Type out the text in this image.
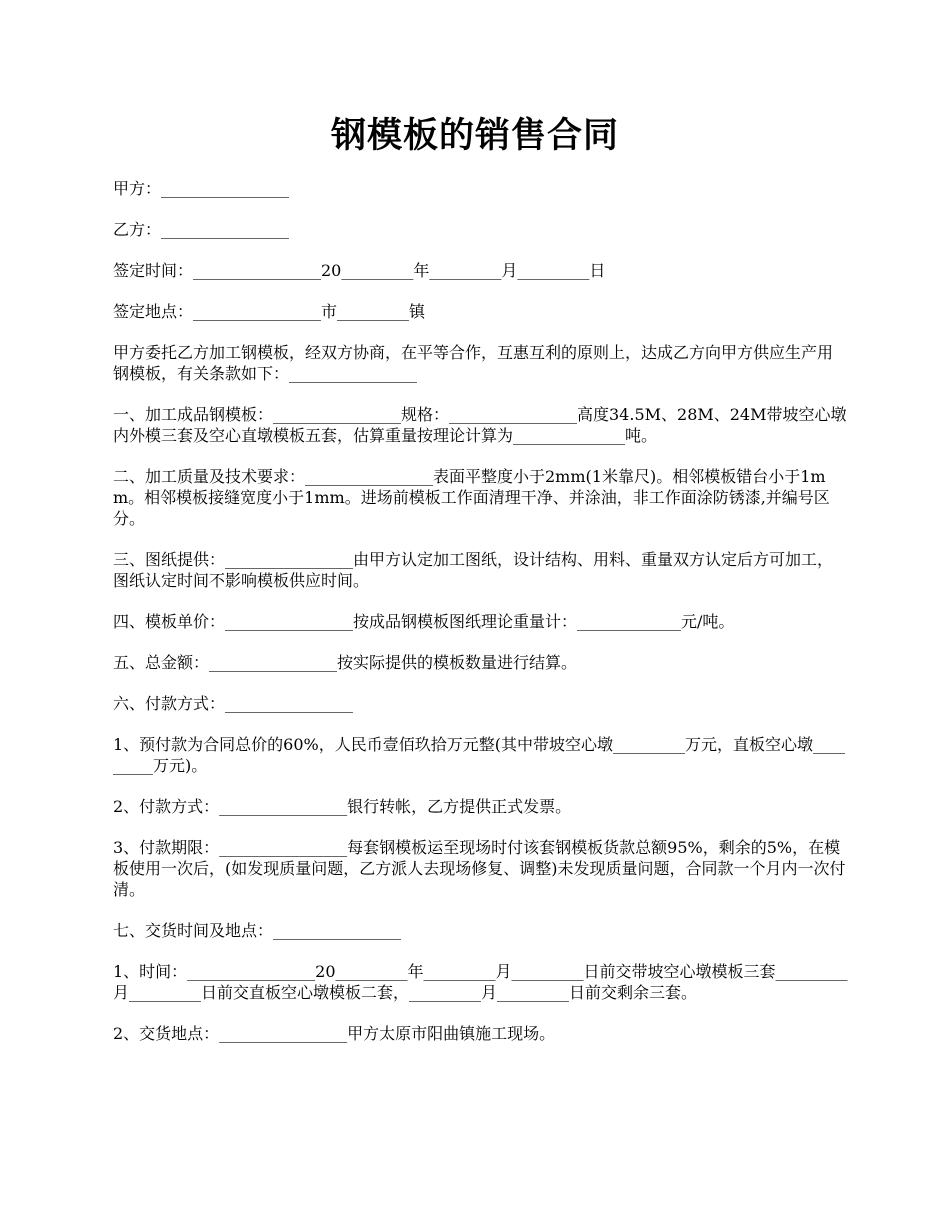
钢模板的销售合同

甲方：________________

乙方：________________

签定时间：________________20_________年_________月_________日

签定地点：________________市_________镇

甲方委托乙方加工钢模板，经双方协商，在平等合作，互惠互利的原则上，达成乙方向甲方供应生产用钢模板，有关条款如下：________________

一、加工成品钢模板：________________规格：________________高度34.5M、28M、24M带坡空心墩内外模三套及空心直墩模板五套，估算重量按理论计算为______________吨。

二、加工质量及技术要求：________________表面平整度小于2mm(1米靠尺)。相邻模板错台小于1mm。相邻模板接缝宽度小于1mm。进场前模板工作面清理干净、并涂油，非工作面涂防锈漆,并编号区分。

三、图纸提供：________________由甲方认定加工图纸，设计结构、用料、重量双方认定后方可加工，图纸认定时间不影响模板供应时间。

四、模板单价：________________按成品钢模板图纸理论重量计：_____________元/吨。

五、总金额：________________按实际提供的模板数量进行结算。

六、付款方式：________________

1、预付款为合同总价的60%，人民币壹佰玖拾万元整(其中带坡空心墩_________万元，直板空心墩_________万元)。

2、付款方式：________________银行转帐，乙方提供正式发票。

3、付款期限：________________每套钢模板运至现场时付该套钢模板货款总额95%，剩余的5%，在模板使用一次后，(如发现质量问题，乙方派人去现场修复、调整)未发现质量问题，合同款一个月内一次付清。

七、交货时间及地点：________________

1、时间：________________20_________年_________月_________日前交带坡空心墩模板三套_________月_________日前交直板空心墩模板二套，_________月_________日前交剩余三套。

2、交货地点：________________甲方太原市阳曲镇施工现场。
